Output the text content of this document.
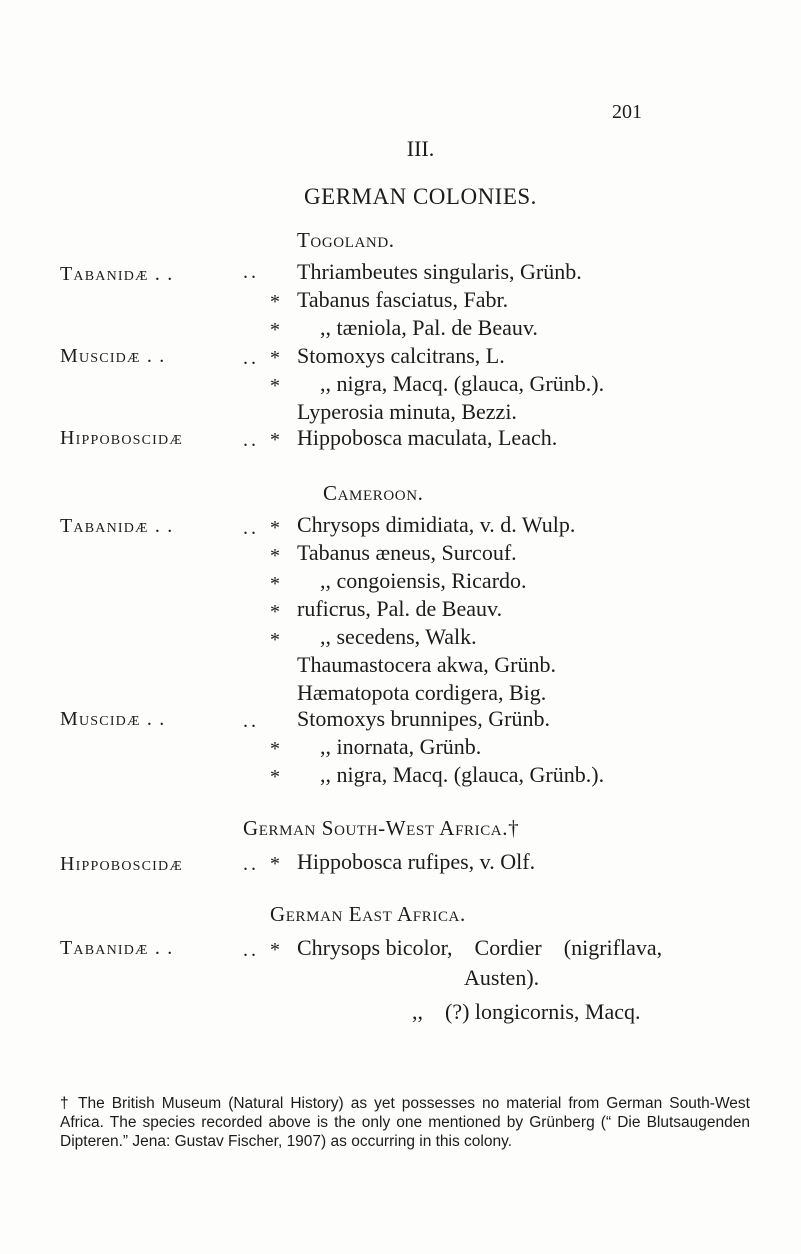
201
III.
GERMAN COLONIES.
Togoland.
Tabanidæ . .
Muscidæ . .
Hippoboscidæ
.. Thriambeutes singularis, Grünb.
* Tabanus fasciatus, Fabr.
* ,, tæniola, Pal. de Beauv.
.. * Stomoxys calcitrans, L.
* ,, nigra, Macq. (glauca, Grünb.).
Lyperosia minuta, Bezzi.
.. * Hippobosca maculata, Leach.
Cameroon.
Tabanidæ . .
Muscidæ . .
.. * Chrysops dimidiata, v. d. Wulp.
* Tabanus æneus, Surcouf.
* ,, congoiensis, Ricardo.
* ruficrus, Pal. de Beauv.
* ,, secedens, Walk.
Thaumastocera akwa, Grünb.
Hæmatopota cordigera, Big.
.. Stomoxys brunnipes, Grünb.
* ,, inornata, Grünb.
* ,, nigra, Macq. (glauca, Grünb.).
German South-West Africa.†
Hippoboscidæ	.. * Hippobosca rufipes, v. Olf.
German East Africa.
Tabanidæ . .	.. * Chrysops bicolor,    Cordier    (nigriflava,
Austen).
,,    (?) longicornis, Macq.
† The British Museum (Natural History) as yet possesses no material from German South-West Africa. The species recorded above is the only one mentioned by Grünberg (“ Die Blutsaugenden Dipteren.” Jena: Gustav Fischer, 1907) as occurring in this colony.
